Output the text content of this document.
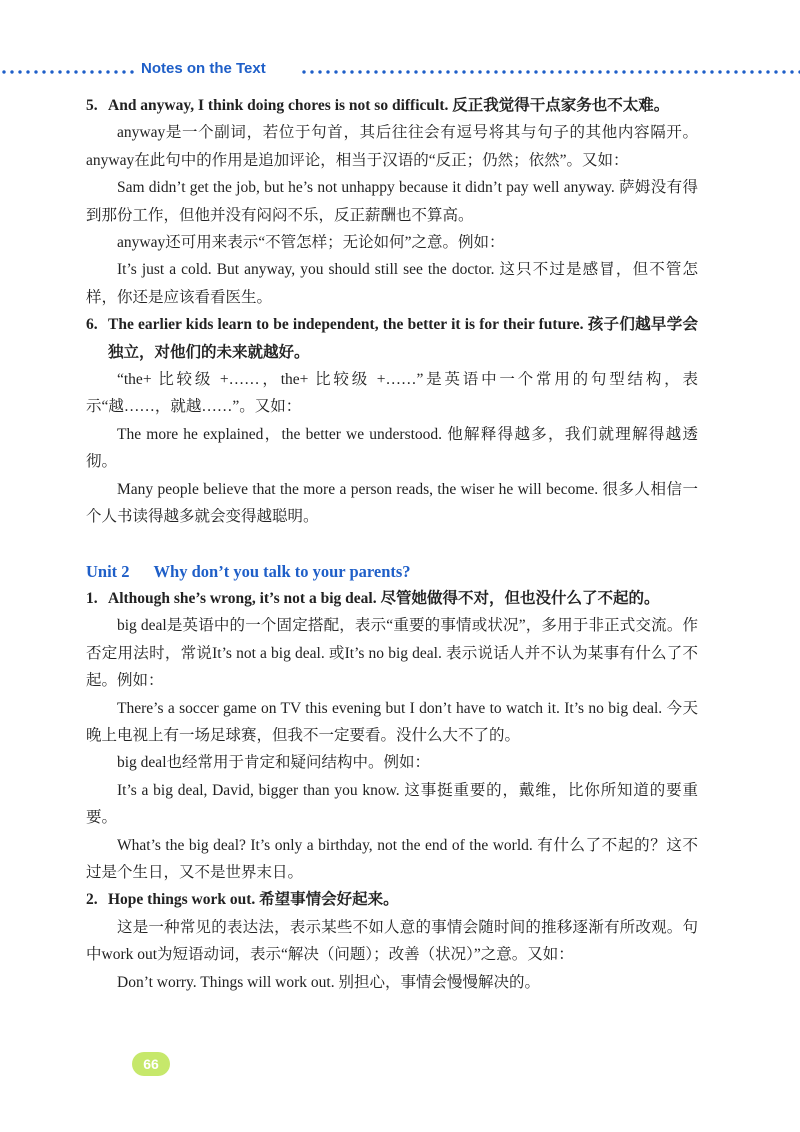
Notes on the Text

5. And anyway, I think doing chores is not so difficult. 反正我觉得干点家务也不太难。

anyway是一个副词，若位于句首，其后往往会有逗号将其与句子的其他内容隔开。anyway在此句中的作用是追加评论，相当于汉语的“反正；仍然；依然”。又如：

Sam didn’t get the job, but he’s not unhappy because it didn’t pay well anyway. 萨姆没有得到那份工作，但他并没有闷闷不乐，反正薪酬也不算高。

anyway还可用来表示“不管怎样；无论如何”之意。例如：

It’s just a cold. But anyway, you should still see the doctor. 这只不过是感冒，但不管怎样，你还是应该看看医生。

6. The earlier kids learn to be independent, the better it is for their future. 孩子们越早学会独立，对他们的未来就越好。

“the+ 比较级 +……，the+ 比较级 +……”是英语中一个常用的句型结构，表示“越……，就越……”。又如：

The more he explained，the better we understood. 他解释得越多，我们就理解得越透彻。

Many people believe that the more a person reads, the wiser he will become. 很多人相信一个人书读得越多就会变得越聪明。

Unit 2 Why don’t you talk to your parents?

1. Although she’s wrong, it’s not a big deal. 尽管她做得不对，但也没什么了不起的。

big deal是英语中的一个固定搭配，表示“重要的事情或状况”，多用于非正式交流。作否定用法时，常说It’s not a big deal. 或It’s no big deal. 表示说话人并不认为某事有什么了不起。例如：

There’s a soccer game on TV this evening but I don’t have to watch it. It’s no big deal. 今天晚上电视上有一场足球赛，但我不一定要看。没什么大不了的。

big deal也经常用于肯定和疑问结构中。例如：

It’s a big deal, David, bigger than you know. 这事挺重要的，戴维，比你所知道的要重要。

What’s the big deal? It’s only a birthday, not the end of the world. 有什么了不起的？这不过是个生日，又不是世界末日。

2. Hope things work out. 希望事情会好起来。

这是一种常见的表达法，表示某些不如人意的事情会随时间的推移逐渐有所改观。句中work out为短语动词，表示“解决（问题）；改善（状况）”之意。又如：

Don’t worry. Things will work out. 别担心，事情会慢慢解决的。

66
